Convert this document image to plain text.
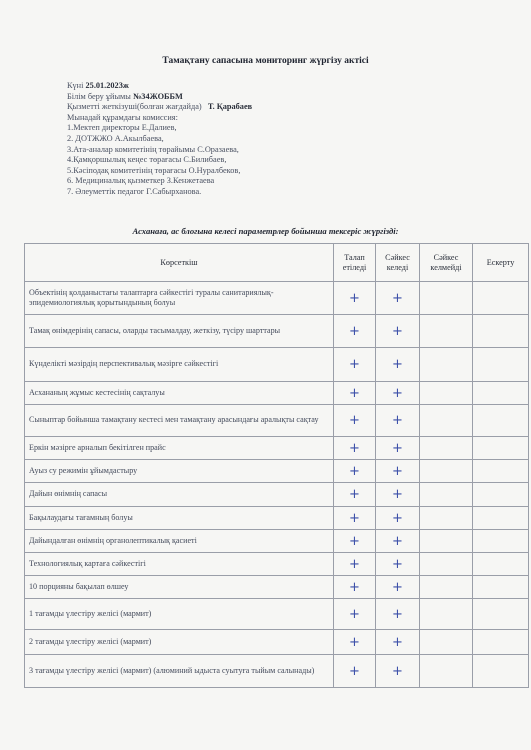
Тамақтану сапасына мониторинг жүргізу актісі
Күні 25.01.2023ж
Білім беру ұйымы №34ЖОББМ
Қызметті жеткізуші(болған жағдайда) Т. Қарабаев
Мынадай құрамдағы комиссия:
1.Мектеп директоры Е.Далиев,
2. ДОТЖЖО А.Акылбаева,
3.Ата-аналар комитетінің төрайымы С.Оразаева,
4.Қамқоршылық кеңес төрағасы С.Билибаев,
5.Кәсіподақ комитетінің төрағасы О.Нуралбеков,
6. Медициналық қызметкер З.Кенжетаева
7. Әлеуметтік педагог Г.Сабырханова.
Асханаға, ас блогына келесі параметрлер бойынша тексеріс жүргізді:
Көрсеткіш	Талап етіледі	Сәйкес келеді	Сәйкес келмейді	Ескерту
Объектінің қолданыстағы талаптарға сәйкестігі туралы санитариялық-эпидемиологиялық қорытындының болуы	+	+		
Тамақ өнімдерінің сапасы, оларды тасымалдау, жеткізу, түсіру шарттары	+	+		
Күнделікті мәзірдің перспективалық мәзірге сәйкестігі	+	+		
Асхананың жұмыс кестесінің сақталуы	+	+		
Сыныптар бойынша тамақтану кестесі мен тамақтану арасындағы аралықты сақтау	+	+		
Еркін мәзірге арналып бекітілген прайс	+	+		
Ауыз су режимін ұйымдастыру	+	+		
Дайын өнімнің сапасы	+	+		
Бақылаудағы тағамның болуы	+	+		
Дайындалған өнімнің органолептикалық қасиеті	+	+		
Технологиялық картаға сәйкестігі	+	+		
10 порцияны бақылап өлшеу	+	+		
1 тағамды үлестіру желісі (мармит)	+	+		
2 тағамды үлестіру желісі (мармит)	+	+		
3 тағамды үлестіру желісі (мармит) (алюминий ыдыста суытуға тыйым салынады)	+	+		
